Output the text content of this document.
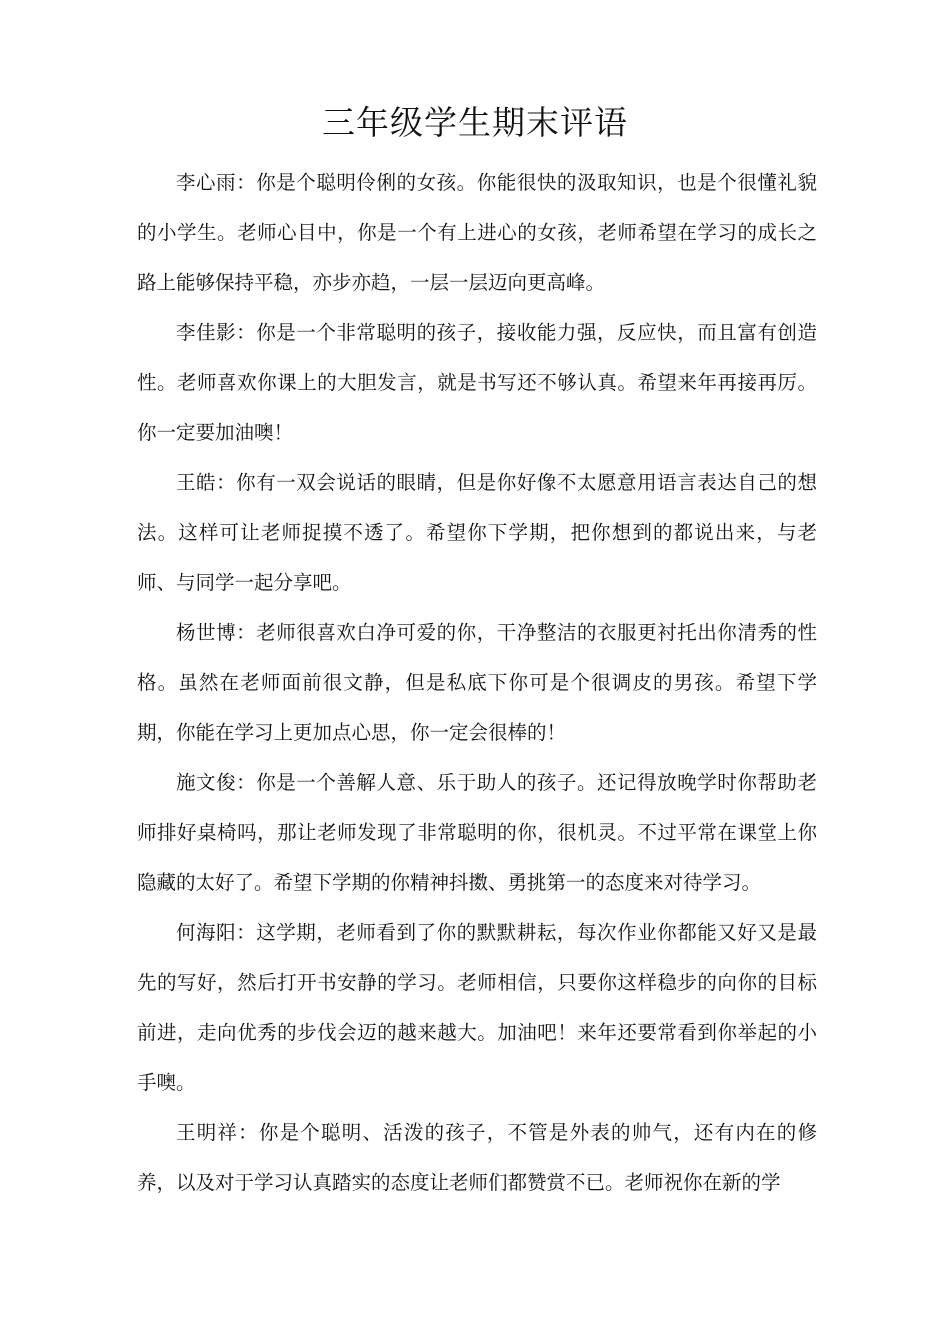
三年级学生期末评语

李心雨：你是个聪明伶俐的女孩。你能很快的汲取知识，也是个很懂礼貌的小学生。老师心目中，你是一个有上进心的女孩，老师希望在学习的成长之路上能够保持平稳，亦步亦趋，一层一层迈向更高峰。

李佳影：你是一个非常聪明的孩子，接收能力强，反应快，而且富有创造性。老师喜欢你课上的大胆发言，就是书写还不够认真。希望来年再接再厉。你一定要加油噢！

王皓：你有一双会说话的眼睛，但是你好像不太愿意用语言表达自己的想法。这样可让老师捉摸不透了。希望你下学期，把你想到的都说出来，与老师、与同学一起分享吧。

杨世博：老师很喜欢白净可爱的你，干净整洁的衣服更衬托出你清秀的性格。虽然在老师面前很文静，但是私底下你可是个很调皮的男孩。希望下学期，你能在学习上更加点心思，你一定会很棒的！

施文俊：你是一个善解人意、乐于助人的孩子。还记得放晚学时你帮助老师排好桌椅吗，那让老师发现了非常聪明的你，很机灵。不过平常在课堂上你隐藏的太好了。希望下学期的你精神抖擞、勇挑第一的态度来对待学习。

何海阳：这学期，老师看到了你的默默耕耘，每次作业你都能又好又是最先的写好，然后打开书安静的学习。老师相信，只要你这样稳步的向你的目标前进，走向优秀的步伐会迈的越来越大。加油吧！来年还要常看到你举起的小手噢。

王明祥：你是个聪明、活泼的孩子，不管是外表的帅气，还有内在的修养，以及对于学习认真踏实的态度让老师们都赞赏不已。老师祝你在新的学
